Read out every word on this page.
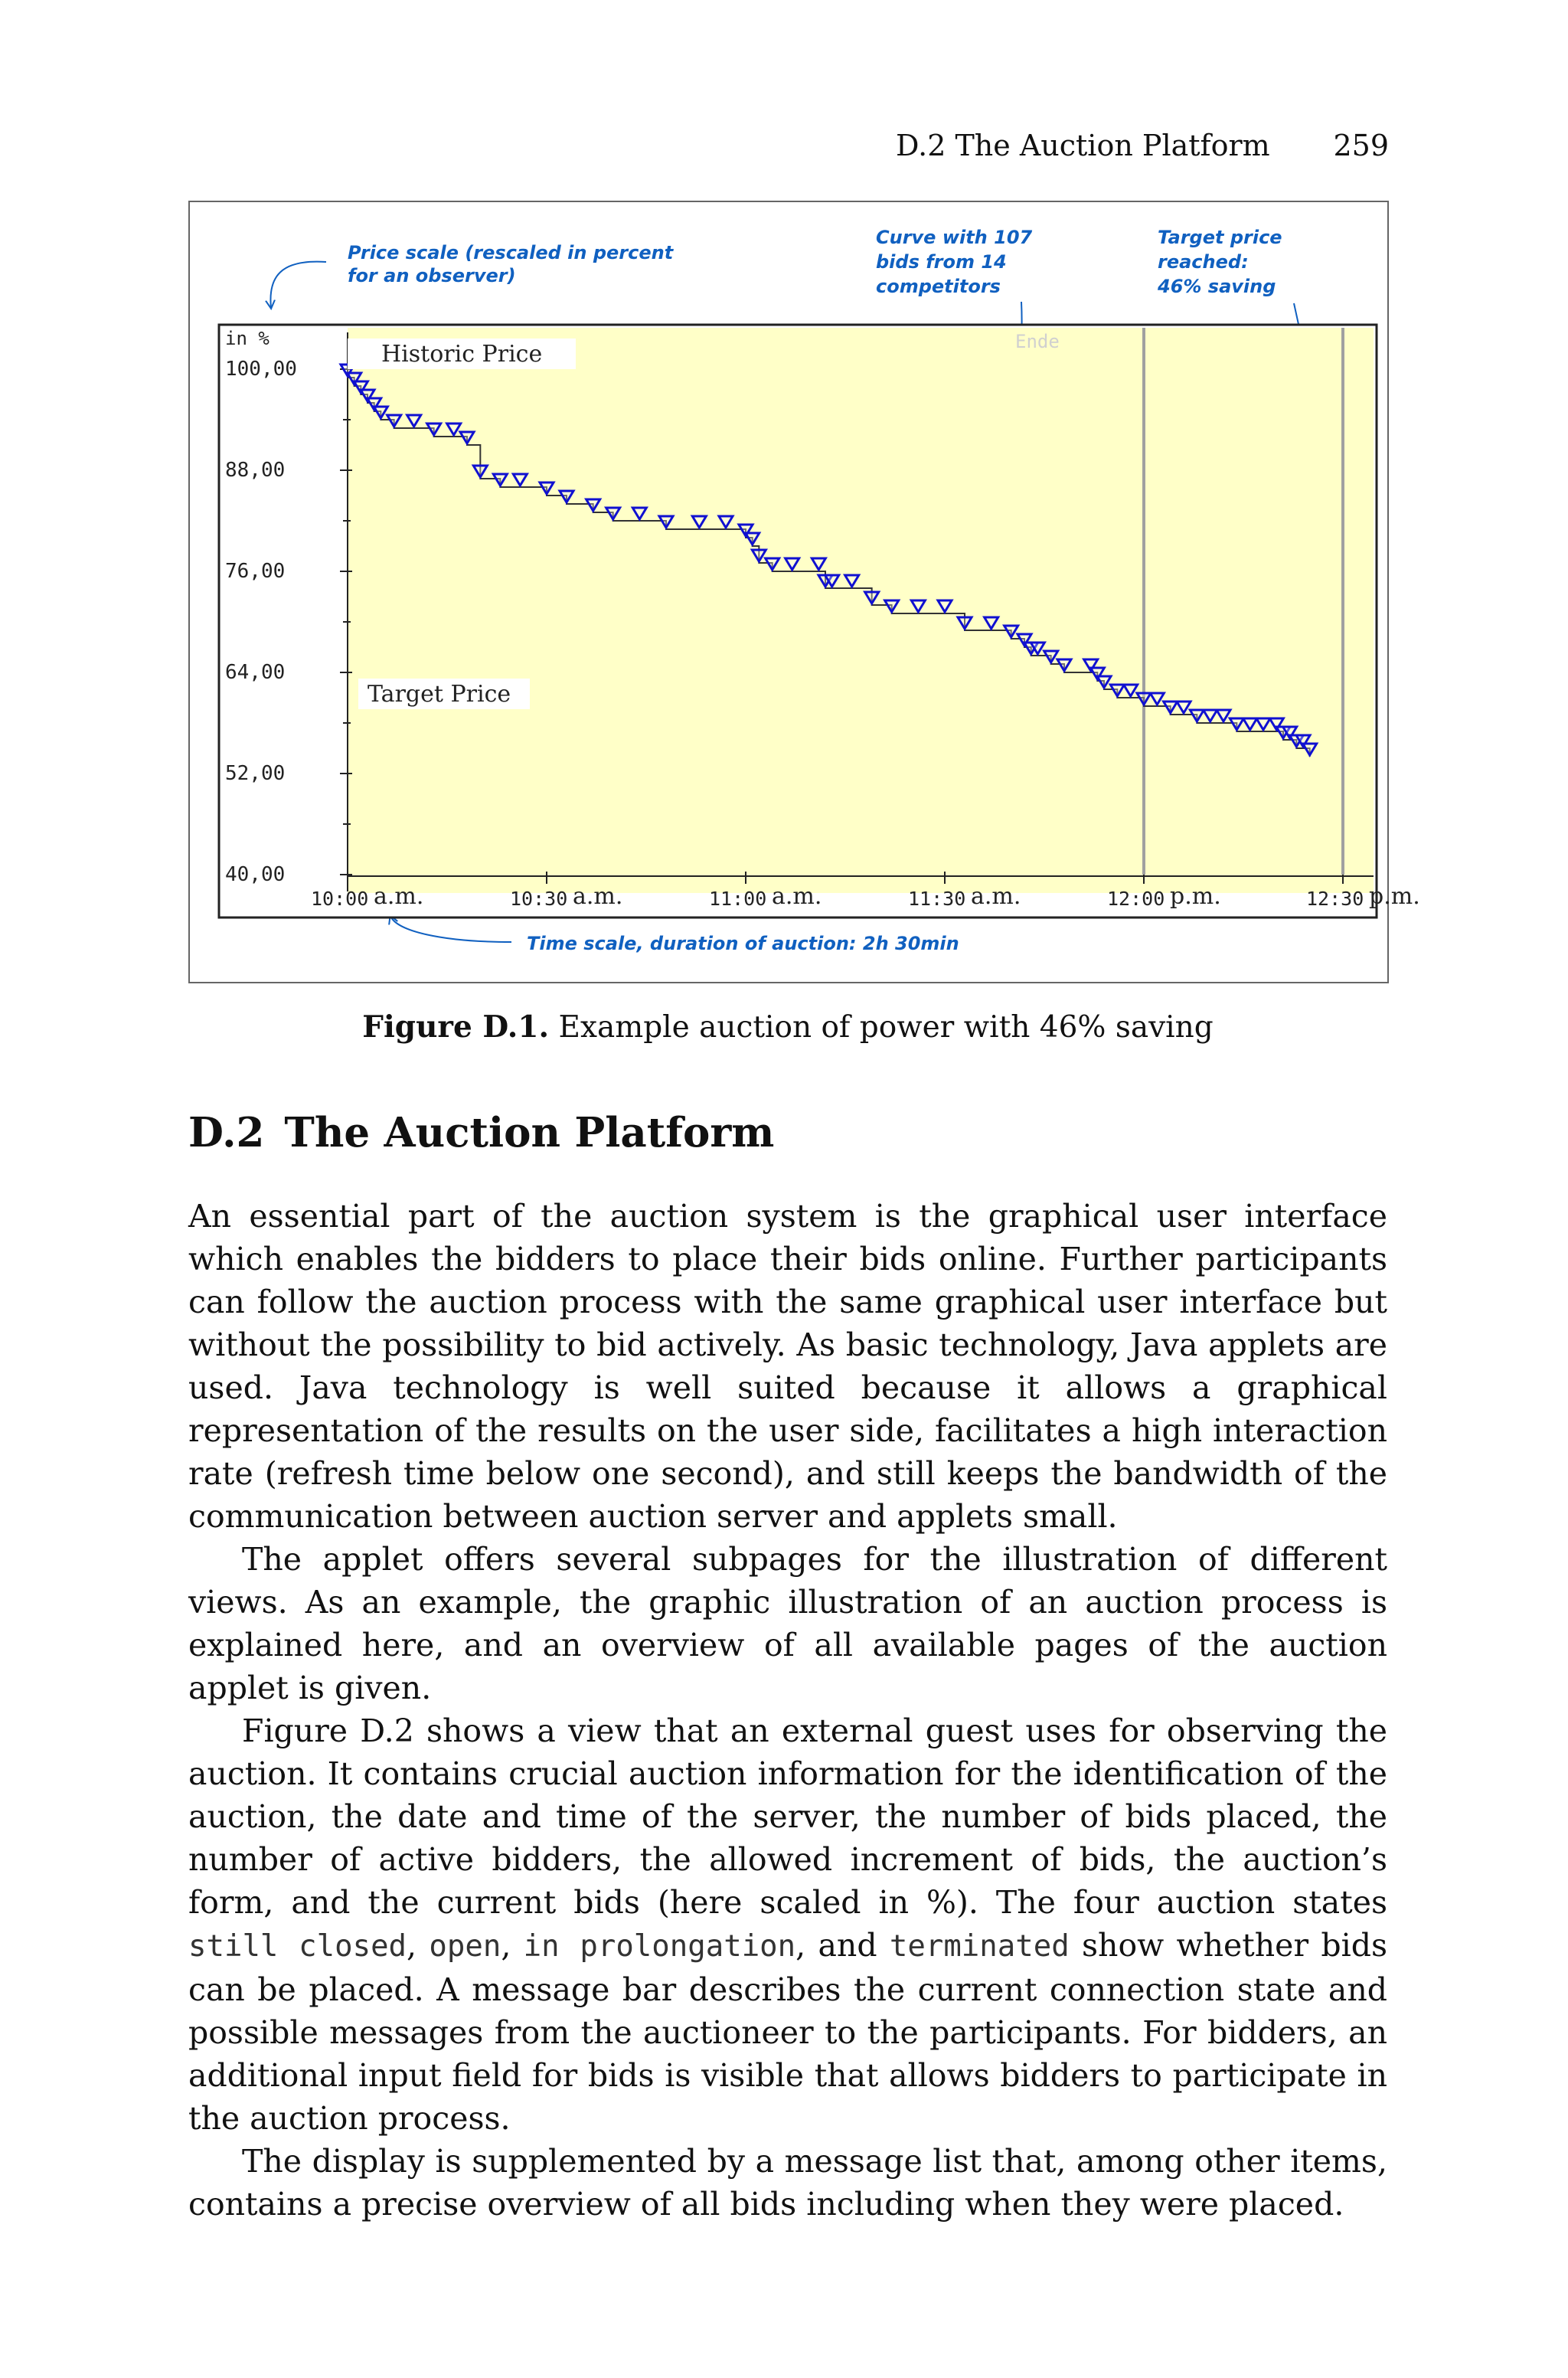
D.2 The Auction Platform 259
Price scale (rescaled in percent
for an observer)
Curve with 107
bids from 14
competitors
Target price
reached:
46% saving
Time scale, duration of auction: 2h 30min
in %
100,00
88,00
76,00
64,00
52,00
40,00
10:00 a.m.	10:30 a.m.	11:00 a.m.	11:30 a.m.	12:00 p.m.	12:30 p.m.
Historic Price	Ende
Target Price
Figure D.1. Example auction of power with 46% saving
D.2 The Auction Platform

An essential part of the auction system is the graphical user interface which enables the bidders to place their bids online. Further participants can follow the auction process with the same graphical user interface but without the possibility to bid actively. As basic technology, Java applets are used. Java technology is well suited because it allows a graphical representation of the results on the user side, facilitates a high interaction rate (refresh time below one second), and still keeps the bandwidth of the communication between auction server and applets small.

The applet offers several subpages for the illustration of different views. As an example, the graphic illustration of an auction process is explained here, and an overview of all available pages of the auction applet is given.

Figure D.2 shows a view that an external guest uses for observing the auction. It contains crucial auction information for the identification of the auction, the date and time of the server, the number of bids placed, the number of active bidders, the allowed increment of bids, the auction’s form, and the current bids (here scaled in %). The four auction states still closed, open, in prolongation, and terminated show whether bids can be placed. A message bar describes the current connection state and possible messages from the auctioneer to the participants. For bidders, an additional input field for bids is visible that allows bidders to participate in the auction process.

The display is supplemented by a message list that, among other items, contains a precise overview of all bids including when they were placed.
